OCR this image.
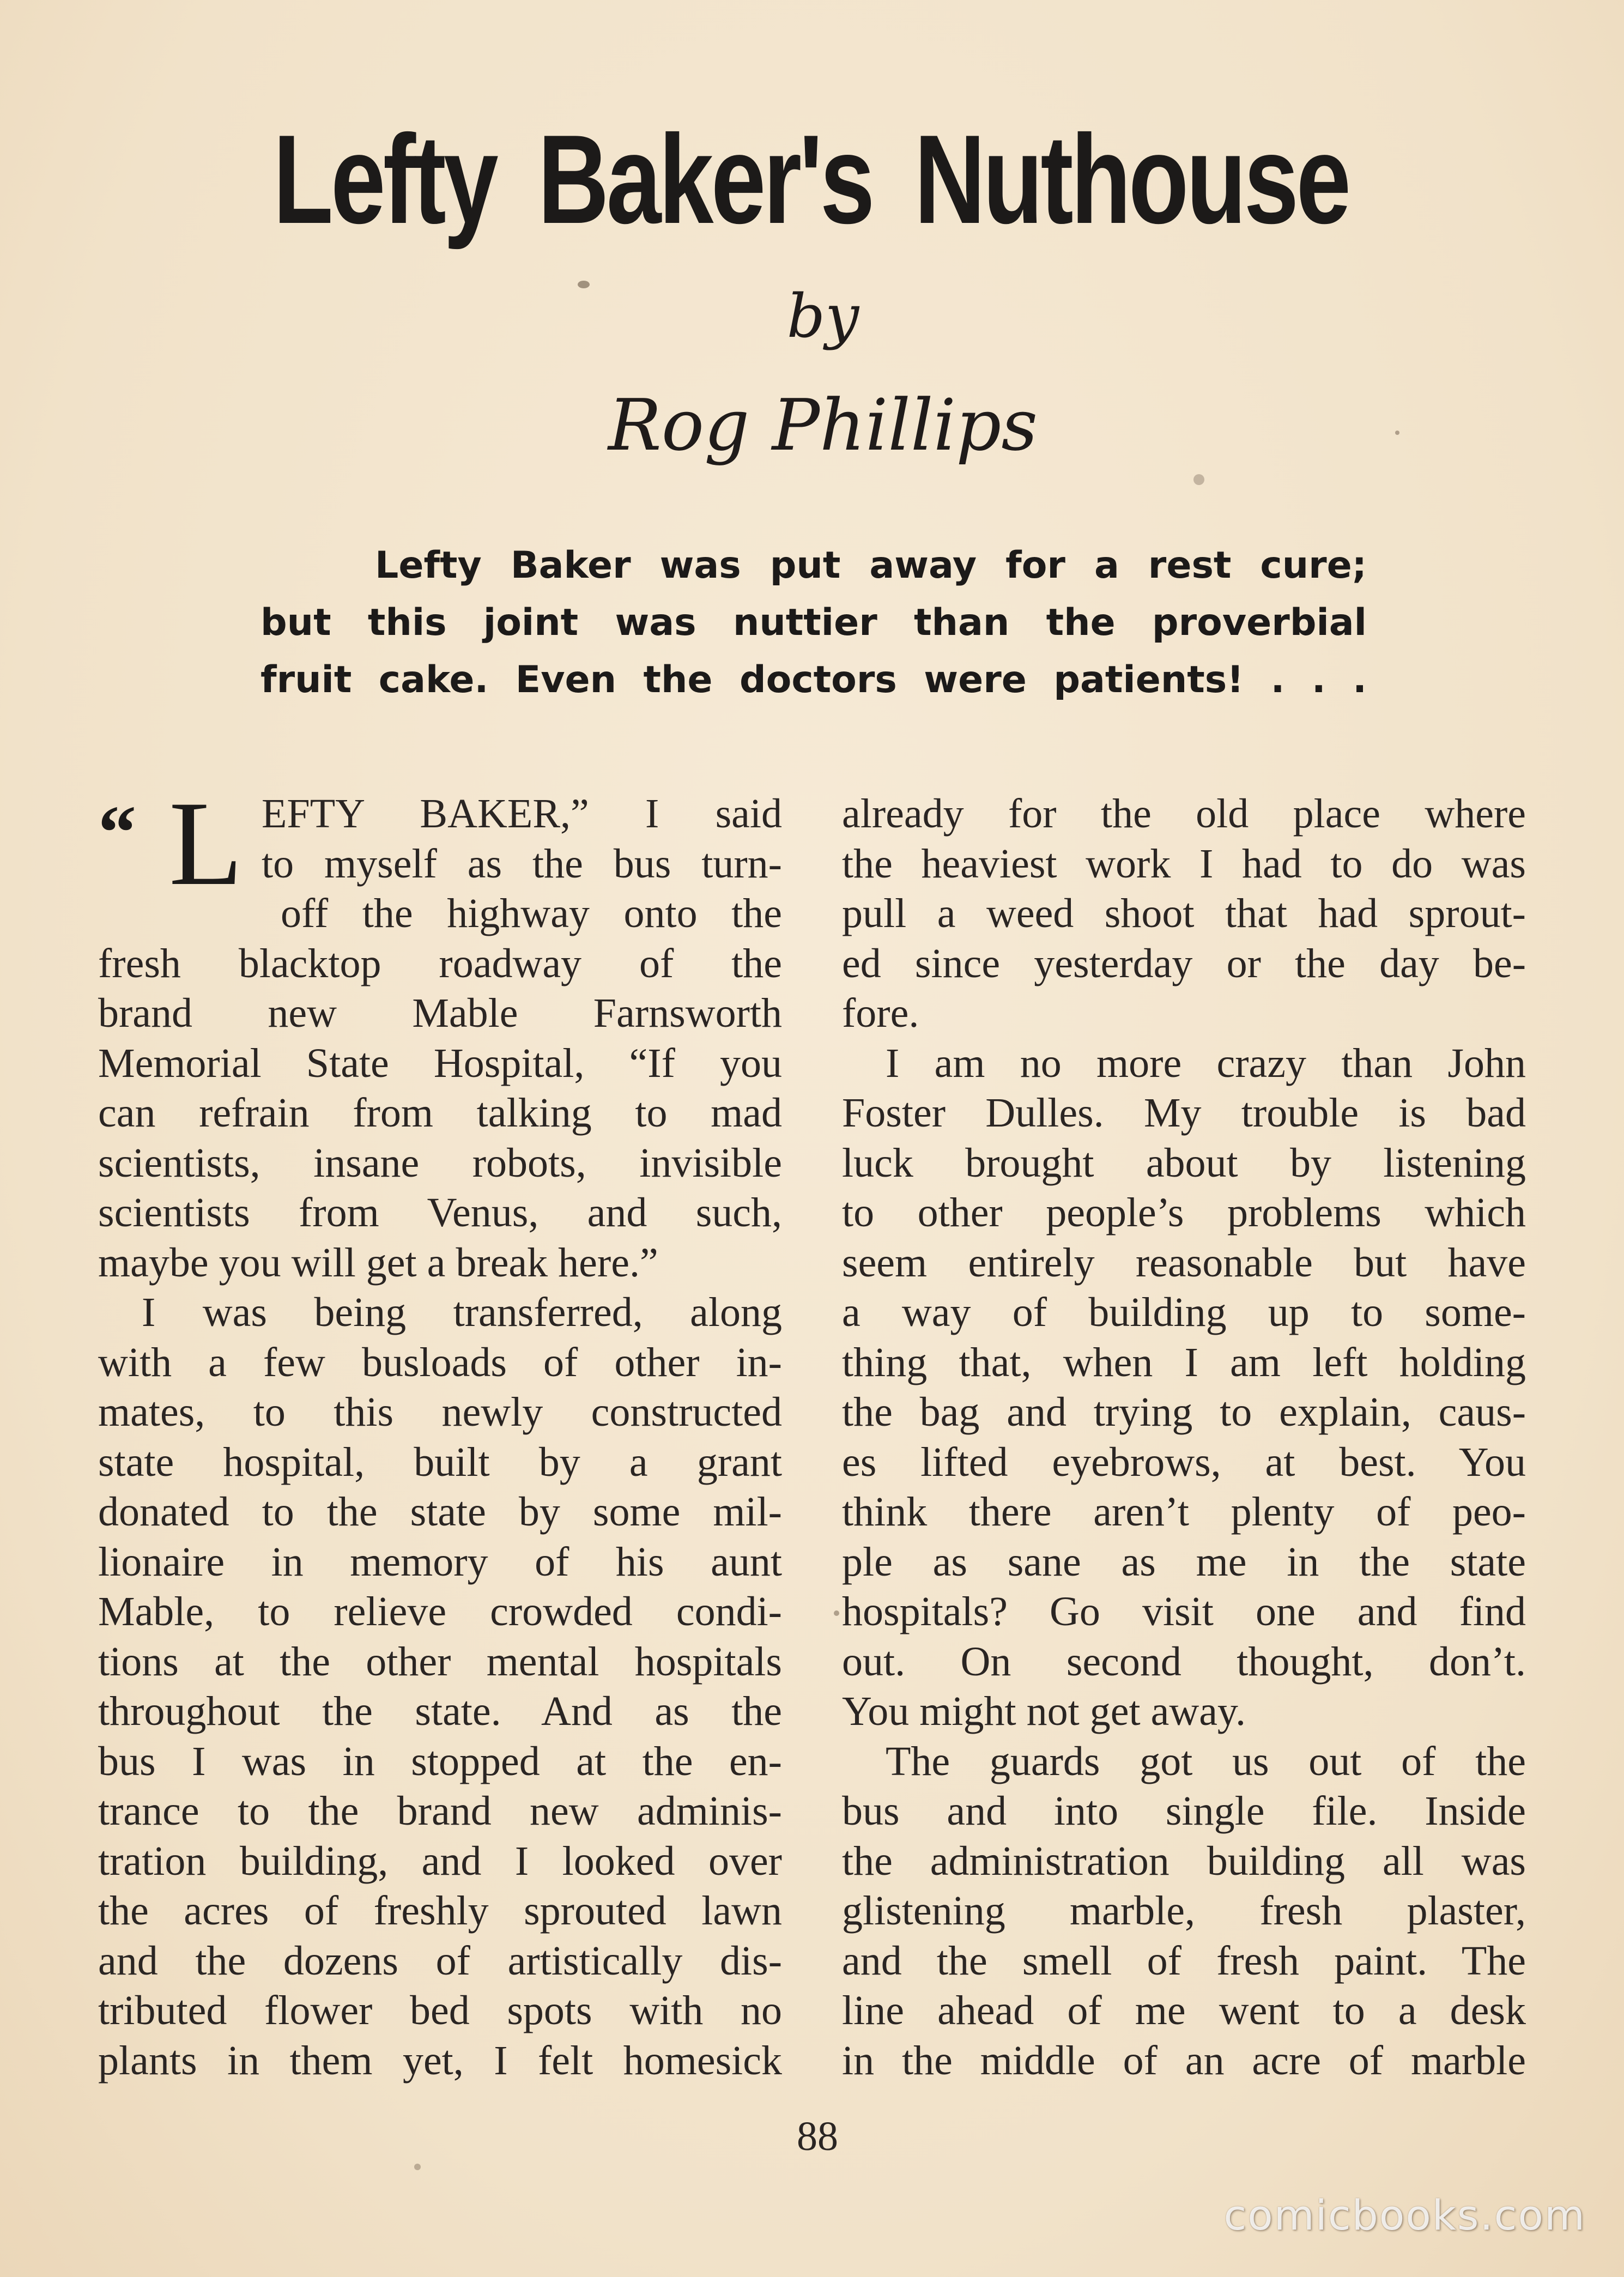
Lefty Baker's Nuthouse
by
Rog Phillips
Lefty Baker was put away for a rest cure;
but this joint was nuttier than the proverbial
fruit cake. Even the doctors were patients! . . .
“ L EFTY BAKER,” I said
to myself as the bus turn-
off the highway onto the
fresh blacktop roadway of the
brand new Mable Farnsworth
Memorial State Hospital, “If you
can refrain from talking to mad
scientists, insane robots, invisible
scientists from Venus, and such,
maybe you will get a break here.”
I was being transferred, along
with a few busloads of other in-
mates, to this newly constructed
state hospital, built by a grant
donated to the state by some mil-
lionaire in memory of his aunt
Mable, to relieve crowded condi-
tions at the other mental hospitals
throughout the state. And as the
bus I was in stopped at the en-
trance to the brand new adminis-
tration building, and I looked over
the acres of freshly sprouted lawn
and the dozens of artistically dis-
tributed flower bed spots with no
plants in them yet, I felt homesick
already for the old place where
the heaviest work I had to do was
pull a weed shoot that had sprout-
ed since yesterday or the day be-
fore.
I am no more crazy than John
Foster Dulles. My trouble is bad
luck brought about by listening
to other people’s problems which
seem entirely reasonable but have
a way of building up to some-
thing that, when I am left holding
the bag and trying to explain, caus-
es lifted eyebrows, at best. You
think there aren’t plenty of peo-
ple as sane as me in the state
hospitals? Go visit one and find
out. On second thought, don’t.
You might not get away.
The guards got us out of the
bus and into single file. Inside
the administration building all was
glistening marble, fresh plaster,
and the smell of fresh paint. The
line ahead of me went to a desk
in the middle of an acre of marble
88
comicbooks.com
